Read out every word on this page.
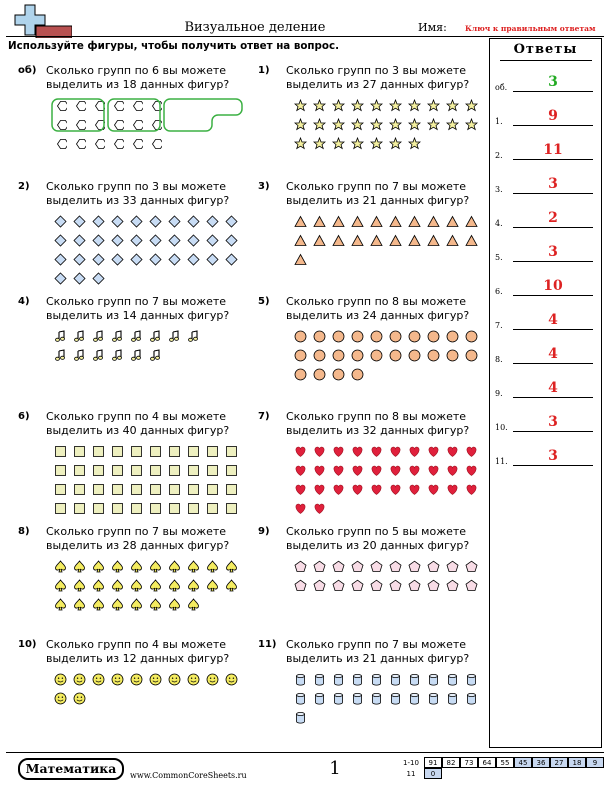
Визуальное деление	Имя: Ключ к правильным ответам
Используйте фигуры, чтобы получить ответ на вопрос.
об) Сколько групп по 6 вы можете выделить из 18 данных фигур?
1) Сколько групп по 3 вы можете выделить из 27 данных фигур?
2) Сколько групп по 3 вы можете выделить из 33 данных фигур?
3) Сколько групп по 7 вы можете выделить из 21 данных фигур?
4) Сколько групп по 7 вы можете выделить из 14 данных фигур?
5) Сколько групп по 8 вы можете выделить из 24 данных фигур?
6) Сколько групп по 4 вы можете выделить из 40 данных фигур?
7) Сколько групп по 8 вы можете выделить из 32 данных фигур?
8) Сколько групп по 7 вы можете выделить из 28 данных фигур?
9) Сколько групп по 5 вы можете выделить из 20 данных фигур?
10) Сколько групп по 4 вы можете выделить из 12 данных фигур?
11) Сколько групп по 7 вы можете выделить из 21 данных фигур?
Ответы
об.	3
1.	9
2.	11
3.	3
4.	2
5.	3
6.	10
7.	4
8.	4
9.	4
10.	3
11.	3
Математика	www.CommonCoreSheets.ru	1	1-10	91	82	73	64	55	45	36	27	18	9
11	0									
